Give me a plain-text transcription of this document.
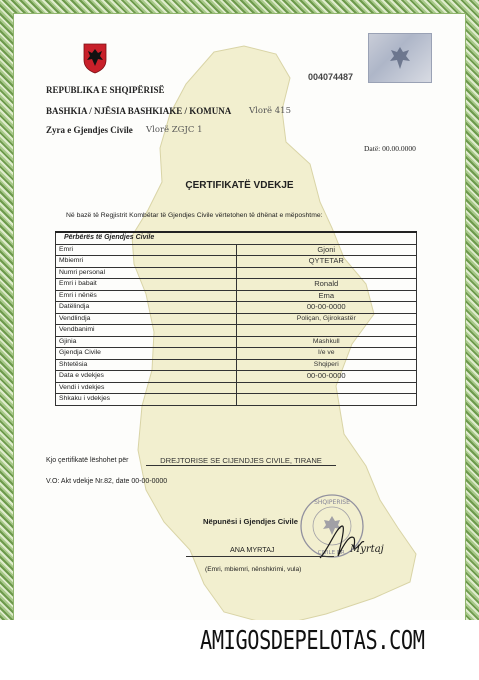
REPUBLIKA E SHQIPËRISË
BASHKIA / NJËSIA BASHKIAKE / KOMUNA Vlorë 415
Zyra e Gjendjes Civile Vlorë ZGJC 1
004074487
Datë: 00.00.0000
ÇERTIFIKATË VDEKJE
Në bazë të Regjistrit Kombëtar të Gjendjes Civile vërtetohen të dhënat e mëposhtme:
Përbërës të Gjendjes Civile	
Emri	Gjoni
Mbiemri	QYTETAR
Numri personal	
Emri i babait	Ronald
Emri i nënës	Ema
Datëlindja	00-00-0000
Vendlindja	Poliçan, Gjirokastër
Vendbanimi	
Gjinia	Mashkull
Gjendja Civile	I/e ve
Shtetësia	Shqiperi
Data e vdekjes	00-00-0000
Vendi i vdekjes	
Shkaku i vdekjes	
Kjo çertifikatë lëshohet për	DREJTORISE SE CIJENDJES CIVILE, TIRANE
V.O: Akt vdekje Nr.82, date 00-00-0000
Nëpunësi i Gjendjes Civile
SHQIPËRISË
CIVILE NR.
ANA MYRTAJ	Myrtaj
(Emri, mbiemri, nënshkrimi, vula)
AMIGOSDEPELOTAS.COM
